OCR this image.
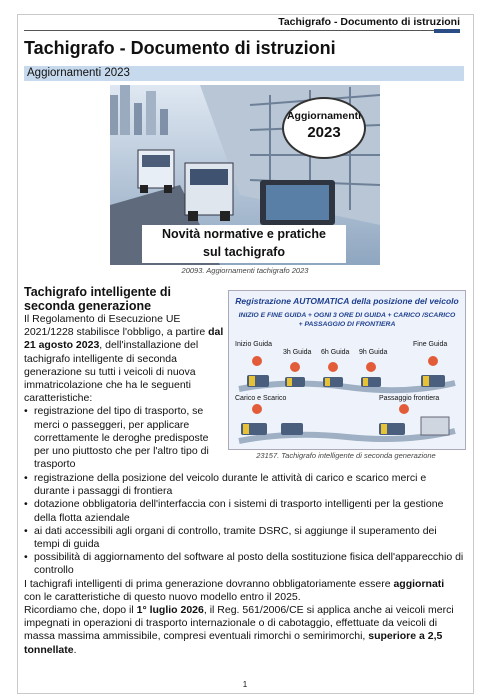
Tachigrafo - Documento di istruzioni
Tachigrafo - Documento di istruzioni
Aggiornamenti 2023
Aggiornamenti
2023
Novità normative e pratiche
sul tachigrafo
20093. Aggiornamenti tachigrafo 2023
Tachigrafo intelligente di seconda generazione

Il Regolamento di Esecuzione UE 2021/1228 stabilisce l'obbligo, a partire dal 21 agosto 2023, dell'installazione del tachigrafo intelligente di seconda generazione su tutti i veicoli di nuova immatricolazione che ha le seguenti caratteristiche:

• registrazione del tipo di trasporto, se merci o passeggeri, per applicare correttamente le deroghe predisposte per uno piuttosto che per l'altro tipo di trasporto
Registrazione AUTOMATICA della posizione del veicolo
INIZIO E FINE GUIDA + OGNI 3 ORE DI GUIDA + CARICO /SCARICO
+ PASSAGGIO DI FRONTIERA
Inizio Guida
3h Guida 6h Guida 9h Guida
Fine Guida
Carico e Scarico	Passaggio frontiera
23157. Tachigrafo intelligente di seconda generazione
• registrazione della posizione del veicolo durante le attività di carico e scarico merci e durante i passaggi di frontiera
• dotazione obbligatoria dell'interfaccia con i sistemi di trasporto intelligenti per la gestione della flotta aziendale
• ai dati accessibili agli organi di controllo, tramite DSRC, si aggiunge il superamento dei tempi di guida
• possibilità di aggiornamento del software al posto della sostituzione fisica dell'apparecchio di controllo

I tachigrafi intelligenti di prima generazione dovranno obbligatoriamente essere aggiornati con le caratteristiche di questo nuovo modello entro il 2025.

Ricordiamo che, dopo il 1° luglio 2026, il Reg. 561/2006/CE si applica anche ai veicoli merci impegnati in operazioni di trasporto internazionale o di cabotaggio, effettuate da veicoli di massa massima ammissibile, compresi eventuali rimorchi o semirimorchi, superiore a 2,5 tonnellate.

1
